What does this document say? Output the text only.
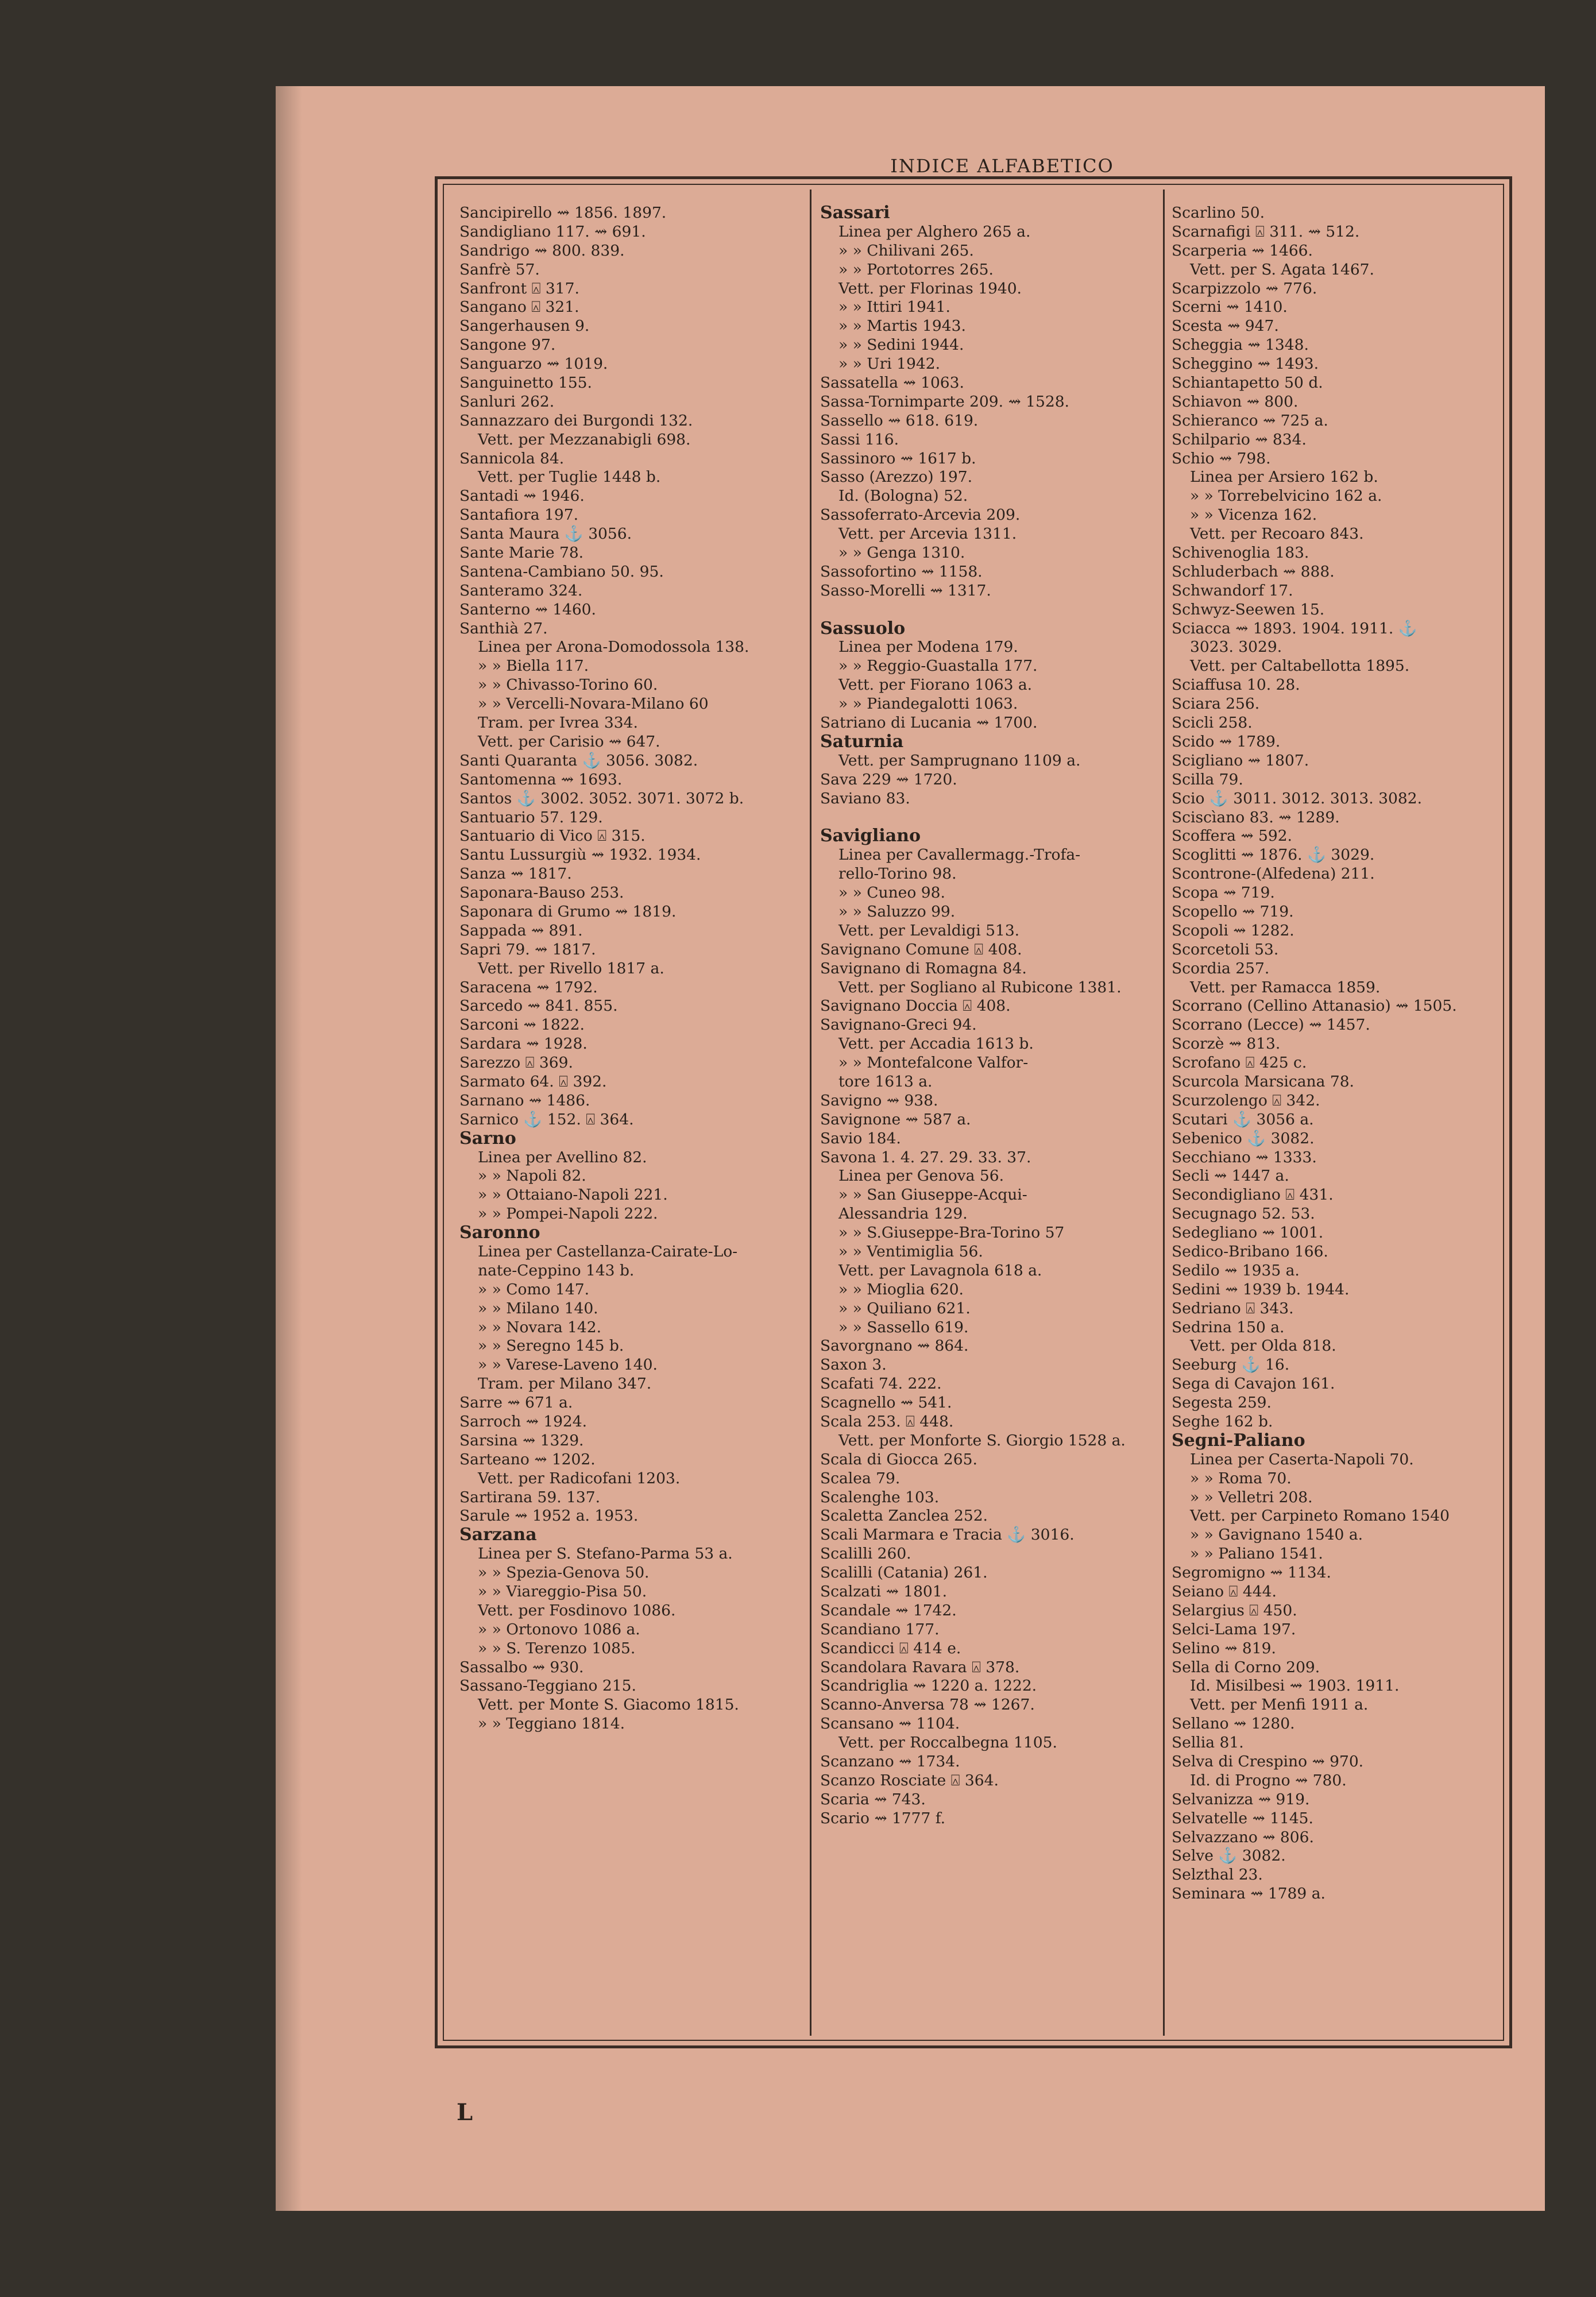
INDICE ALFABETICO
Sancipirello ⇝ 1856. 1897.
Sandigliano 117. ⇝ 691.
Sandrigo ⇝ 800. 839.
Sanfrè 57.
Sanfront ⍓ 317.
Sangano ⍓ 321.
Sangerhausen 9.
Sangone 97.
Sanguarzo ⇝ 1019.
Sanguinetto 155.
Sanluri 262.
Sannazzaro dei Burgondi 132.
Vett. per Mezzanabigli 698.
Sannicola 84.
Vett. per Tuglie 1448 b.
Santadi ⇝ 1946.
Santafiora 197.
Santa Maura ⚓ 3056.
Sante Marie 78.
Santena-Cambiano 50. 95.
Santeramo 324.
Santerno ⇝ 1460.
Santhià 27.
Linea per Arona-Domodossola 138.
» » Biella 117.
» » Chivasso-Torino 60.
» » Vercelli-Novara-Milano 60
Tram. per Ivrea 334.
Vett. per Carisio ⇝ 647.
Santi Quaranta ⚓ 3056. 3082.
Santomenna ⇝ 1693.
Santos ⚓ 3002. 3052. 3071. 3072 b.
Santuario 57. 129.
Santuario di Vico ⍓ 315.
Santu Lussurgiù ⇝ 1932. 1934.
Sanza ⇝ 1817.
Saponara-Bauso 253.
Saponara di Grumo ⇝ 1819.
Sappada ⇝ 891.
Sapri 79. ⇝ 1817.
Vett. per Rivello 1817 a.
Saracena ⇝ 1792.
Sarcedo ⇝ 841. 855.
Sarconi ⇝ 1822.
Sardara ⇝ 1928.
Sarezzo ⍓ 369.
Sarmato 64. ⍓ 392.
Sarnano ⇝ 1486.
Sarnico ⚓ 152. ⍓ 364.
Sarno
Linea per Avellino 82.
» » Napoli 82.
» » Ottaiano-Napoli 221.
» » Pompei-Napoli 222.
Saronno
Linea per Castellanza-Cairate-Lo-
nate-Ceppino 143 b.
» » Como 147.
» » Milano 140.
» » Novara 142.
» » Seregno 145 b.
» » Varese-Laveno 140.
Tram. per Milano 347.
Sarre ⇝ 671 a.
Sarroch ⇝ 1924.
Sarsina ⇝ 1329.
Sarteano ⇝ 1202.
Vett. per Radicofani 1203.
Sartirana 59. 137.
Sarule ⇝ 1952 a. 1953.
Sarzana
Linea per S. Stefano-Parma 53 a.
» » Spezia-Genova 50.
» » Viareggio-Pisa 50.
Vett. per Fosdinovo 1086.
» » Ortonovo 1086 a.
» » S. Terenzo 1085.
Sassalbo ⇝ 930.
Sassano-Teggiano 215.
Vett. per Monte S. Giacomo 1815.
» » Teggiano 1814.
Sassari
Linea per Alghero 265 a.
» » Chilivani 265.
» » Portotorres 265.
Vett. per Florinas 1940.
» » Ittiri 1941.
» » Martis 1943.
» » Sedini 1944.
» » Uri 1942.
Sassatella ⇝ 1063.
Sassa-Tornimparte 209. ⇝ 1528.
Sassello ⇝ 618. 619.
Sassi 116.
Sassinoro ⇝ 1617 b.
Sasso (Arezzo) 197.
Id. (Bologna) 52.
Sassoferrato-Arcevia 209.
Vett. per Arcevia 1311.
» » Genga 1310.
Sassofortino ⇝ 1158.
Sasso-Morelli ⇝ 1317.
Sassuolo
Linea per Modena 179.
» » Reggio-Guastalla 177.
Vett. per Fiorano 1063 a.
» » Piandegalotti 1063.
Satriano di Lucania ⇝ 1700.
Saturnia
Vett. per Samprugnano 1109 a.
Sava 229 ⇝ 1720.
Saviano 83.
Savigliano
Linea per Cavallermagg.-Trofa-
rello-Torino 98.
» » Cuneo 98.
» » Saluzzo 99.
Vett. per Levaldigi 513.
Savignano Comune ⍓ 408.
Savignano di Romagna 84.
Vett. per Sogliano al Rubicone 1381.
Savignano Doccia ⍓ 408.
Savignano-Greci 94.
Vett. per Accadia 1613 b.
» » Montefalcone Valfor-
tore 1613 a.
Savigno ⇝ 938.
Savignone ⇝ 587 a.
Savio 184.
Savona 1. 4. 27. 29. 33. 37.
Linea per Genova 56.
» » San Giuseppe-Acqui-
Alessandria 129.
» » S.Giuseppe-Bra-Torino 57
» » Ventimiglia 56.
Vett. per Lavagnola 618 a.
» » Mioglia 620.
» » Quiliano 621.
» » Sassello 619.
Savorgnano ⇝ 864.
Saxon 3.
Scafati 74. 222.
Scagnello ⇝ 541.
Scala 253. ⍓ 448.
Vett. per Monforte S. Giorgio 1528 a.
Scala di Giocca 265.
Scalea 79.
Scalenghe 103.
Scaletta Zanclea 252.
Scali Marmara e Tracia ⚓ 3016.
Scalilli 260.
Scalilli (Catania) 261.
Scalzati ⇝ 1801.
Scandale ⇝ 1742.
Scandiano 177.
Scandicci ⍓ 414 e.
Scandolara Ravara ⍓ 378.
Scandriglia ⇝ 1220 a. 1222.
Scanno-Anversa 78 ⇝ 1267.
Scansano ⇝ 1104.
Vett. per Roccalbegna 1105.
Scanzano ⇝ 1734.
Scanzo Rosciate ⍓ 364.
Scaria ⇝ 743.
Scario ⇝ 1777 f.
Scarlino 50.
Scarnafigi ⍓ 311. ⇝ 512.
Scarperia ⇝ 1466.
Vett. per S. Agata 1467.
Scarpizzolo ⇝ 776.
Scerni ⇝ 1410.
Scesta ⇝ 947.
Scheggia ⇝ 1348.
Scheggino ⇝ 1493.
Schiantapetto 50 d.
Schiavon ⇝ 800.
Schieranco ⇝ 725 a.
Schilpario ⇝ 834.
Schio ⇝ 798.
Linea per Arsiero 162 b.
» » Torrebelvicino 162 a.
» » Vicenza 162.
Vett. per Recoaro 843.
Schivenoglia 183.
Schluderbach ⇝ 888.
Schwandorf 17.
Schwyz-Seewen 15.
Sciacca ⇝ 1893. 1904. 1911. ⚓
3023. 3029.
Vett. per Caltabellotta 1895.
Sciaffusa 10. 28.
Sciara 256.
Scicli 258.
Scido ⇝ 1789.
Scigliano ⇝ 1807.
Scilla 79.
Scio ⚓ 3011. 3012. 3013. 3082.
Sciscìano 83. ⇝ 1289.
Scoffera ⇝ 592.
Scoglitti ⇝ 1876. ⚓ 3029.
Scontrone-(Alfedena) 211.
Scopa ⇝ 719.
Scopello ⇝ 719.
Scopoli ⇝ 1282.
Scorcetoli 53.
Scordia 257.
Vett. per Ramacca 1859.
Scorrano (Cellino Attanasio) ⇝ 1505.
Scorrano (Lecce) ⇝ 1457.
Scorzè ⇝ 813.
Scrofano ⍓ 425 c.
Scurcola Marsicana 78.
Scurzolengo ⍓ 342.
Scutari ⚓ 3056 a.
Sebenico ⚓ 3082.
Secchiano ⇝ 1333.
Secli ⇝ 1447 a.
Secondigliano ⍓ 431.
Secugnago 52. 53.
Sedegliano ⇝ 1001.
Sedico-Bribano 166.
Sedilo ⇝ 1935 a.
Sedini ⇝ 1939 b. 1944.
Sedriano ⍓ 343.
Sedrina 150 a.
Vett. per Olda 818.
Seeburg ⚓ 16.
Sega di Cavajon 161.
Segesta 259.
Seghe 162 b.
Segni-Paliano
Linea per Caserta-Napoli 70.
» » Roma 70.
» » Velletri 208.
Vett. per Carpineto Romano 1540
» » Gavignano 1540 a.
» » Paliano 1541.
Segromigno ⇝ 1134.
Seiano ⍓ 444.
Selargius ⍓ 450.
Selci-Lama 197.
Selino ⇝ 819.
Sella di Corno 209.
Id. Misilbesi ⇝ 1903. 1911.
Vett. per Menfi 1911 a.
Sellano ⇝ 1280.
Sellia 81.
Selva di Crespino ⇝ 970.
Id. di Progno ⇝ 780.
Selvanizza ⇝ 919.
Selvatelle ⇝ 1145.
Selvazzano ⇝ 806.
Selve ⚓ 3082.
Selzthal 23.
Seminara ⇝ 1789 a.
L
